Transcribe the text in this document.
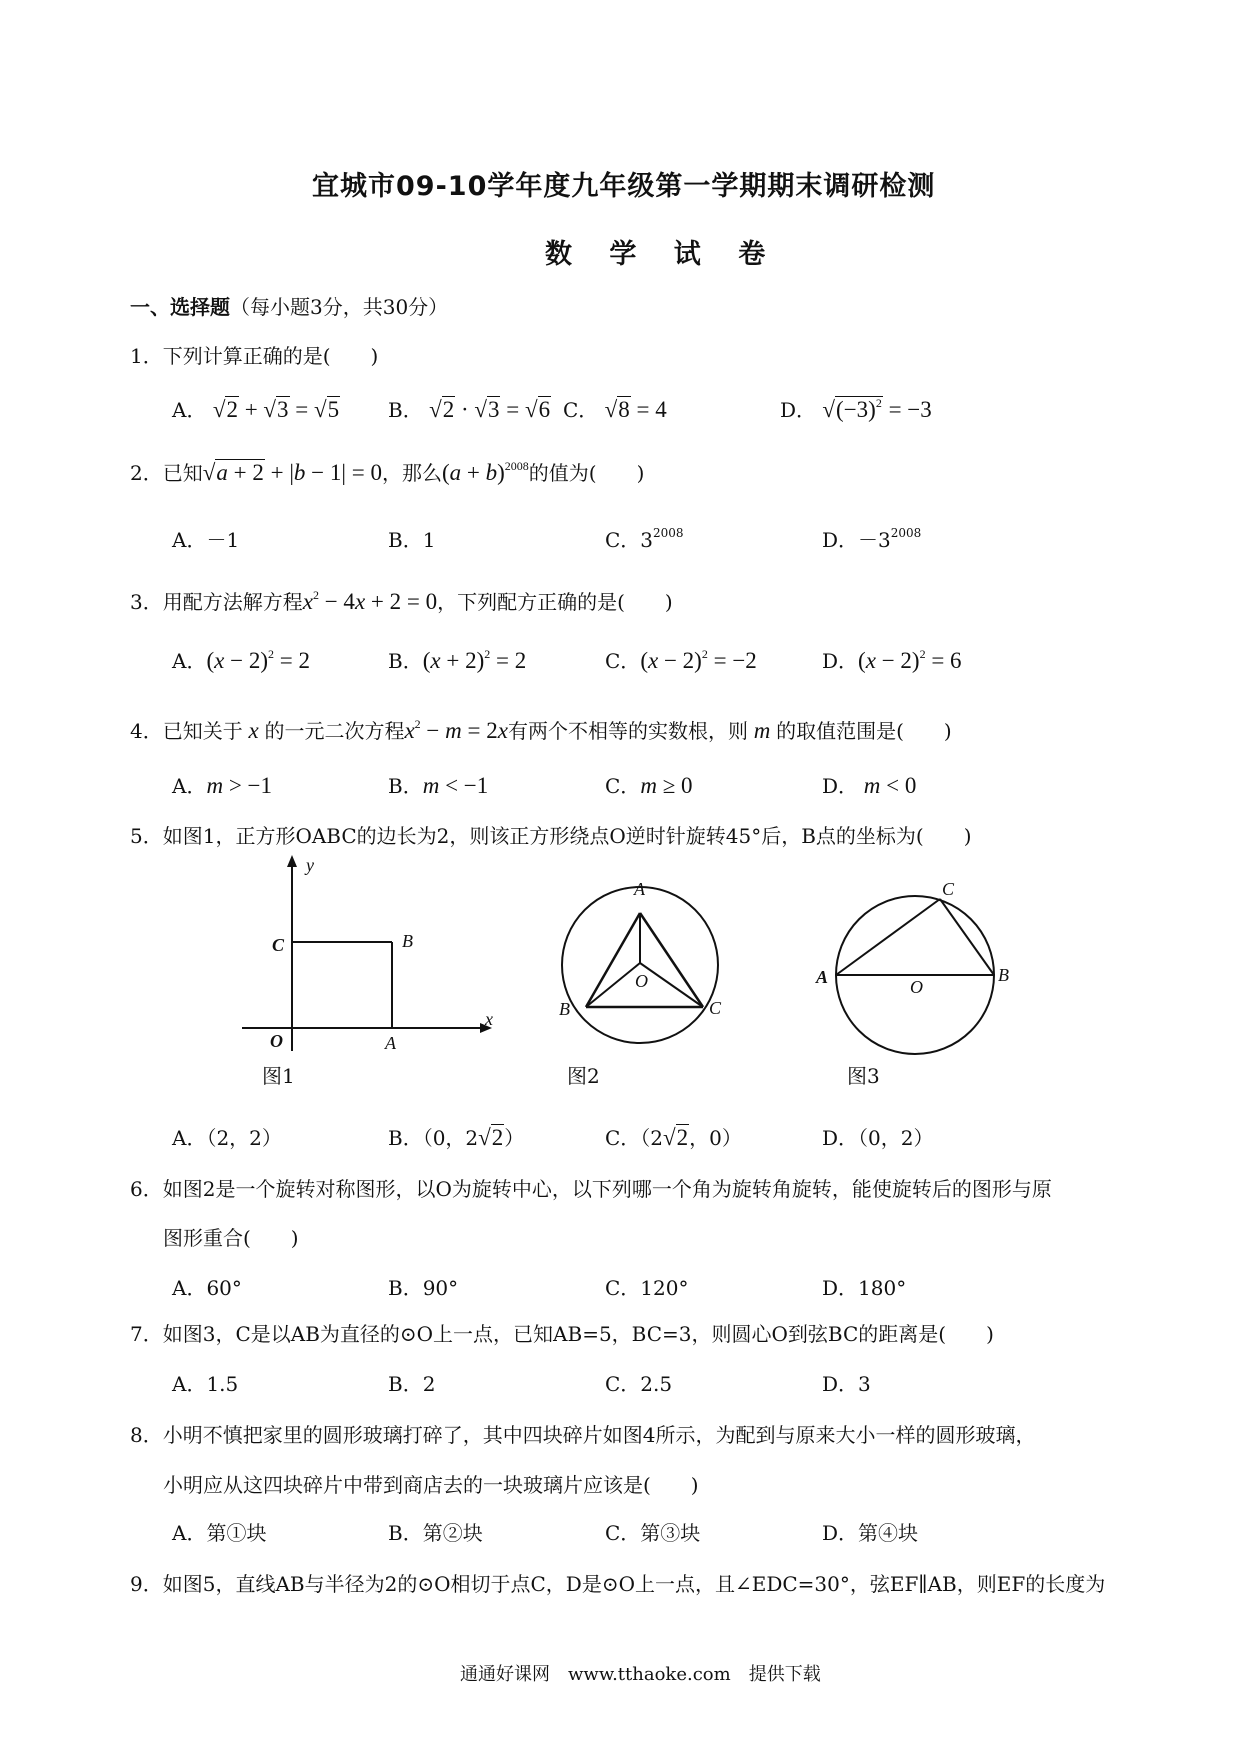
宜城市09-10学年度九年级第一学期期末调研检测
数 学 试 卷
一、选择题（每小题3分，共30分）
1．下列计算正确的是(　　)
A． √2 + √3 = √5 B． √2 · √3 = √6 C． √8 = 4	D． $√(-3)^2 = -3$
2．已知√a + 2 + |b − 1| = 0，那么$(a + b)^{2008}$的值为(　　)
A．－1	B．1	C．$3^{2008}$	D．$-3^{2008}$
3．用配方法解方程$x^2 - 4x + 2 = 0$，下列配方正确的是(　　)
A．$(x - 2)^2 = 2$	B．$(x + 2)^2 = 2$	C．$(x - 2)^2 = -2$	D．$(x - 2)^2 = 6$
4．已知关于 x 的一元二次方程$x^2 - m = 2x$有两个不相等的实数根，则 m 的取值范围是(　　)
A．m > −1	B．m < −1	C．m ≥ 0	D． m < 0
5．如图1，正方形OABC的边长为2，则该正方形绕点O逆时针旋转45°后，B点的坐标为(　　)
y
x
C	B
O	A
图1
A
B	C
O
图2
C
A	B
O
图3
A．（2，2）	B．（0，2√2）	C．（2√2，0）	D．（0，2）
6．如图2是一个旋转对称图形，以O为旋转中心，以下列哪一个角为旋转角旋转，能使旋转后的图形与原
图形重合(　　)
A．60°	B．90°	C．120°	D．180°
7．如图3，C是以AB为直径的⊙O上一点，已知AB=5，BC=3，则圆心O到弦BC的距离是(　　)
A．1.5	B．2	C．2.5	D．3
8．小明不慎把家里的圆形玻璃打碎了，其中四块碎片如图4所示，为配到与原来大小一样的圆形玻璃，
小明应从这四块碎片中带到商店去的一块玻璃片应该是(　　)
A．第①块	B．第②块	C．第③块	D．第④块
9．如图5，直线AB与半径为2的⊙O相切于点C，D是⊙O上一点，且∠EDC=30°，弦EF∥AB，则EF的长度为
通通好课网　www.tthaoke.com　提供下载
